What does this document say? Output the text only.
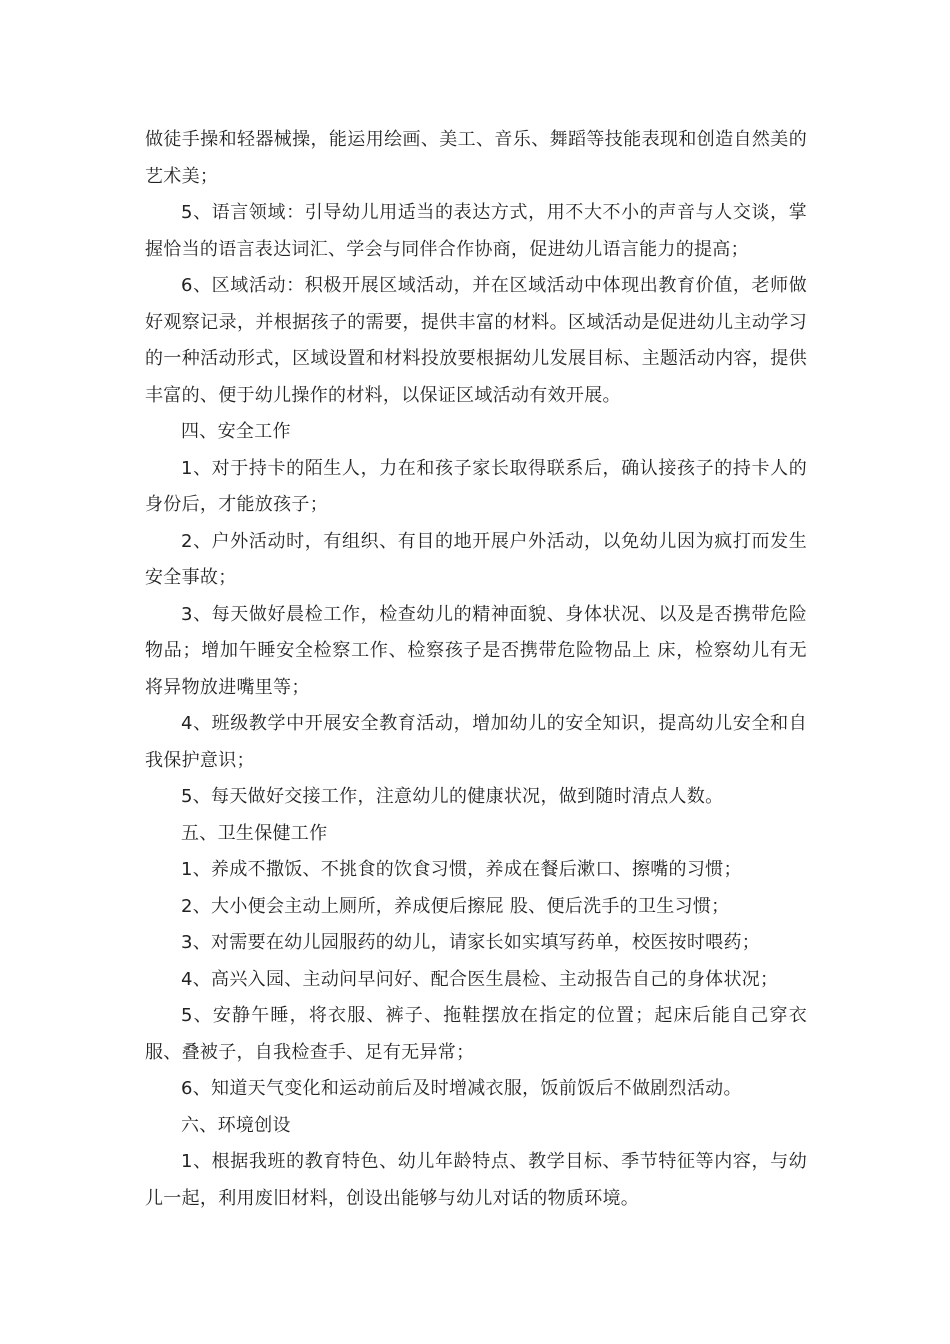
做徒手操和轻器械操，能运用绘画、美工、音乐、舞蹈等技能表现和创造自然美的艺术美；

5、语言领域：引导幼儿用适当的表达方式，用不大不小的声音与人交谈，掌握恰当的语言表达词汇、学会与同伴合作协商，促进幼儿语言能力的提高；

6、区域活动：积极开展区域活动，并在区域活动中体现出教育价值，老师做好观察记录，并根据孩子的需要，提供丰富的材料。区域活动是促进幼儿主动学习的一种活动形式，区域设置和材料投放要根据幼儿发展目标、主题活动内容，提供丰富的、便于幼儿操作的材料，以保证区域活动有效开展。

四、安全工作

1、对于持卡的陌生人，力在和孩子家长取得联系后，确认接孩子的持卡人的身份后，才能放孩子；

2、户外活动时，有组织、有目的地开展户外活动，以免幼儿因为疯打而发生安全事故；

3、每天做好晨检工作，检查幼儿的精神面貌、身体状况、以及是否携带危险物品；增加午睡安全检察工作、检察孩子是否携带危险物品上 床，检察幼儿有无将异物放进嘴里等；

4、班级教学中开展安全教育活动，增加幼儿的安全知识，提高幼儿安全和自我保护意识；

5、每天做好交接工作，注意幼儿的健康状况，做到随时清点人数。

五、卫生保健工作

1、养成不撒饭、不挑食的饮食习惯，养成在餐后漱口、擦嘴的习惯；

2、大小便会主动上厕所，养成便后擦屁 股、便后洗手的卫生习惯；

3、对需要在幼儿园服药的幼儿，请家长如实填写药单，校医按时喂药；

4、高兴入园、主动问早问好、配合医生晨检、主动报告自己的身体状况；

5、安静午睡，将衣服、裤子、拖鞋摆放在指定的位置；起床后能自己穿衣服、叠被子，自我检查手、足有无异常；

6、知道天气变化和运动前后及时增减衣服，饭前饭后不做剧烈活动。

六、环境创设

1、根据我班的教育特色、幼儿年龄特点、教学目标、季节特征等内容，与幼儿一起，利用废旧材料，创设出能够与幼儿对话的物质环境。
